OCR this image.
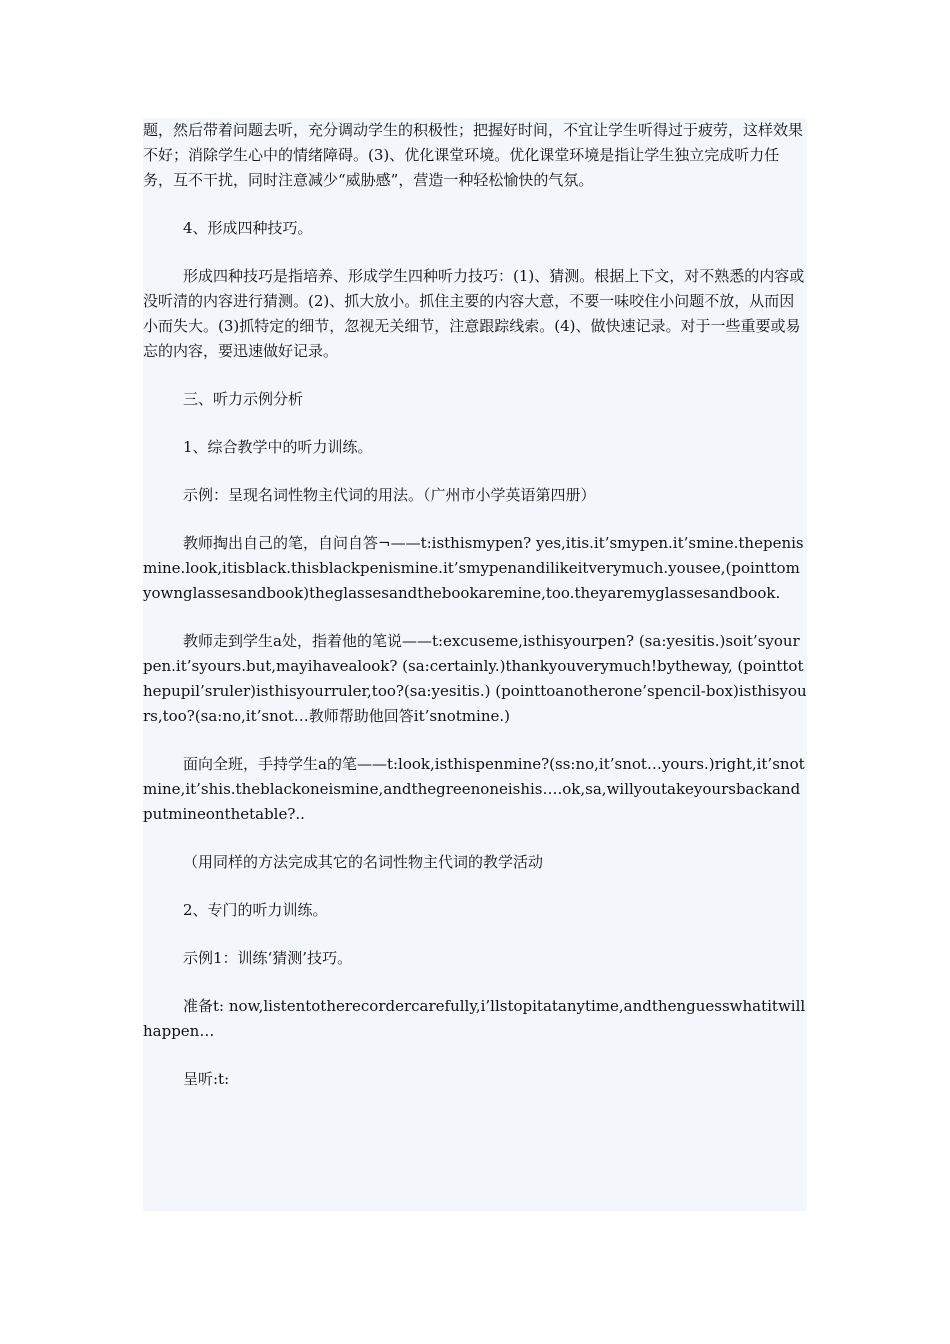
题，然后带着问题去听，充分调动学生的积极性；把握好时间，不宜让学生听得过于疲劳，这样效果不好；消除学生心中的情绪障碍。(3)、优化课堂环境。优化课堂环境是指让学生独立完成听力任务，互不干扰，同时注意减少“威胁感”，营造一种轻松愉快的气氛。

4、形成四种技巧。

形成四种技巧是指培养、形成学生四种听力技巧：(1)、猜测。根据上下文，对不熟悉的内容或没听清的内容进行猜测。(2)、抓大放小。抓住主要的内容大意，不要一味咬住小问题不放，从而因小而失大。(3)抓特定的细节，忽视无关细节，注意跟踪线索。(4)、做快速记录。对于一些重要或易忘的内容，要迅速做好记录。

三、听力示例分析

1、综合教学中的听力训练。

示例：呈现名词性物主代词的用法。（广州市小学英语第四册）

教师掏出自己的笔，自问自答¬——t:isthismypen? yes,itis.it’smypen.it’smine.thepenismine.look,itisblack.thisblackpenismine.it’smypenandilikeitverymuch.yousee,(pointtomyownglassesandbook)theglassesandthebookaremine,too.theyaremyglassesandbook.

教师走到学生a处，指着他的笔说——t:excuseme,isthisyourpen? (sa:yesitis.)soit’syourpen.it’syours.but,mayihavealook? (sa:certainly.)thankyouverymuch!bytheway, (pointtothepupil’sruler)isthisyourruler,too?(sa:yesitis.) (pointtoanotherone’spencil-box)isthisyours,too?(sa:no,it’snot…教师帮助他回答it’snotmine.)

面向全班，手持学生a的笔——t:look,isthispenmine?(ss:no,it’snot…yours.)right,it’snotmine,it’shis.theblackoneismine,andthegreenoneishis….ok,sa,willyoutakeyoursbackandputmineonthetable?..

（用同样的方法完成其它的名词性物主代词的教学活动

2、专门的听力训练。

示例1：训练‘猜测’技巧。

准备t: now,listentotherecordercarefully,i’llstopitatanytime,andthenguesswhatitwillhappen…

呈听:t:
